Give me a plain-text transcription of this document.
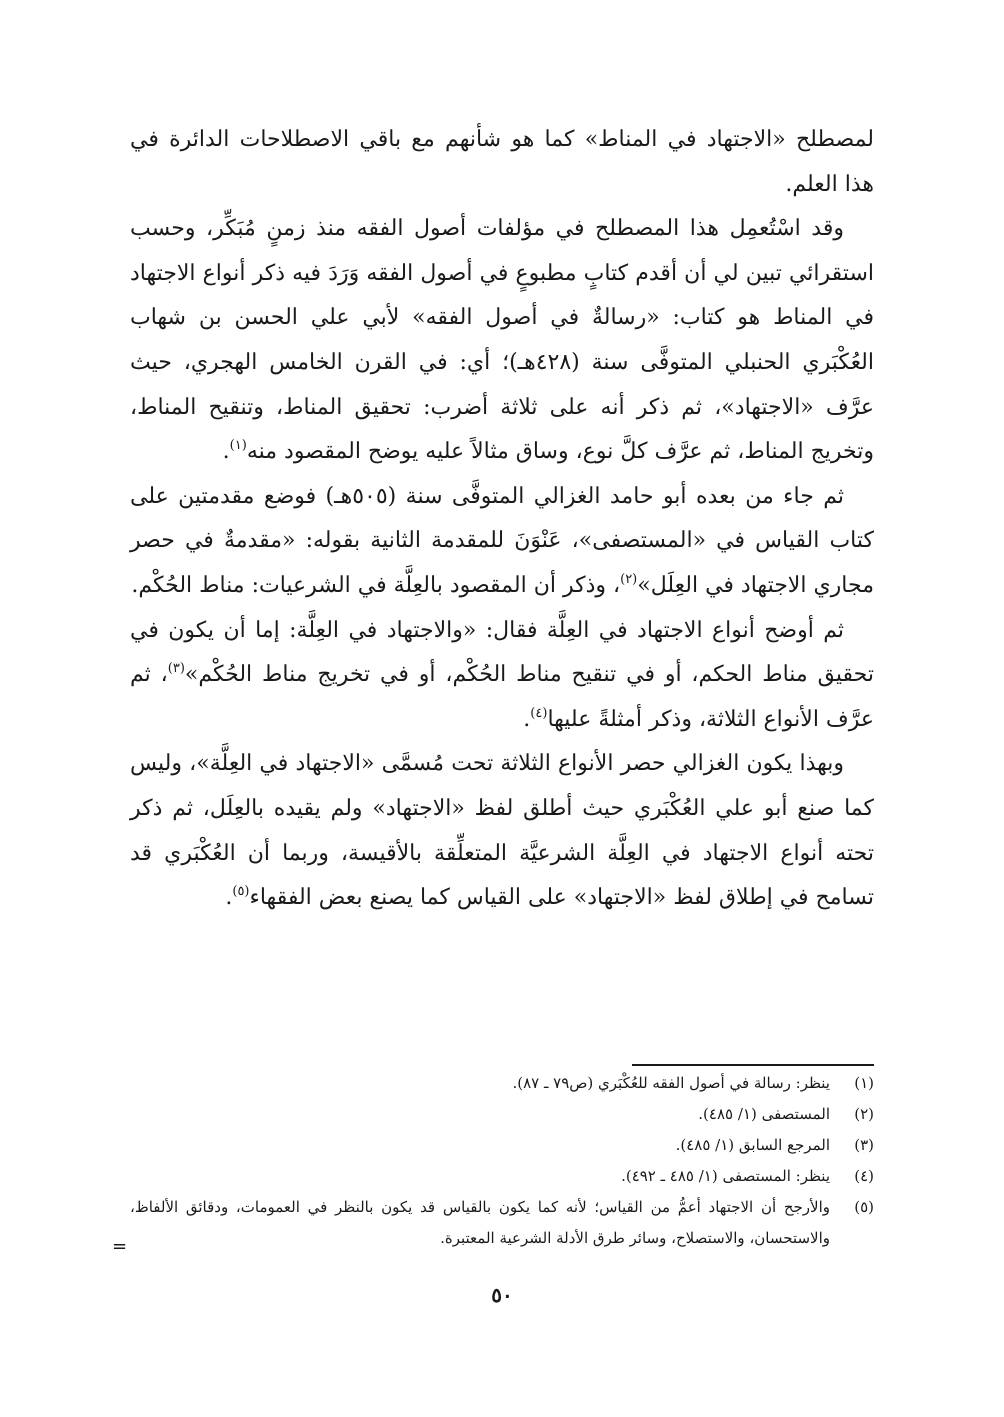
لمصطلح «الاجتهاد في المناط» كما هو شأنهم مع باقي الاصطلاحات الدائرة في هذا العلم.

وقد اسْتُعمِل هذا المصطلح في مؤلفات أصول الفقه منذ زمنٍ مُبَكِّر، وحسب استقرائي تبين لي أن أقدم كتابٍ مطبوعٍ في أصول الفقه وَرَدَ فيه ذكر أنواع الاجتهاد في المناط هو كتاب: «رسالةٌ في أصول الفقه» لأبي علي الحسن بن شهاب العُكْبَري الحنبلي المتوفَّى سنة (٤٢٨هـ)؛ أي: في القرن الخامس الهجري، حيث عرَّف «الاجتهاد»، ثم ذكر أنه على ثلاثة أضرب: تحقيق المناط، وتنقيح المناط، وتخريج المناط، ثم عرَّف كلَّ نوع، وساق مثالاً عليه يوضح المقصود منه$^{(١)}$.

ثم جاء من بعده أبو حامد الغزالي المتوفَّى سنة (٥٠٥هـ) فوضع مقدمتين على كتاب القياس في «المستصفى»، عَنْوَنَ للمقدمة الثانية بقوله: «مقدمةٌ في حصر مجاري الاجتهاد في العِلَل»$^{(٢)}$، وذكر أن المقصود بالعِلَّة في الشرعيات: مناط الحُكْم.

ثم أوضح أنواع الاجتهاد في العِلَّة فقال: «والاجتهاد في العِلَّة: إما أن يكون في تحقيق مناط الحكم، أو في تنقيح مناط الحُكْم، أو في تخريج مناط الحُكْم»$^{(٣)}$، ثم عرَّف الأنواع الثلاثة، وذكر أمثلةً عليها$^{(٤)}$.

وبهذا يكون الغزالي حصر الأنواع الثلاثة تحت مُسمَّى «الاجتهاد في العِلَّة»، وليس كما صنع أبو علي العُكْبَري حيث أطلق لفظ «الاجتهاد» ولم يقيده بالعِلَل، ثم ذكر تحته أنواع الاجتهاد في العِلَّة الشرعيَّة المتعلِّقة بالأقيسة، وربما أن العُكْبَري قد تسامح في إطلاق لفظ «الاجتهاد» على القياس كما يصنع بعض الفقهاء$^{(٥)}$.

(١)
ينظر: رسالة في أصول الفقه للعُكْبَري (ص٧٩ ـ ٨٧).
(٢)
المستصفى (١/ ٤٨٥).
(٣)
المرجع السابق (١/ ٤٨٥).
(٤)
ينظر: المستصفى (١/ ٤٨٥ ـ ٤٩٢).
(٥)
والأرجح أن الاجتهاد أعمُّ من القياس؛ لأنه كما يكون بالقياس قد يكون بالنظر في العمومات، ودقائق الألفاظ، والاستحسان، والاستصلاح، وسائر طرق الأدلة الشرعية المعتبرة.
=
٥٠
